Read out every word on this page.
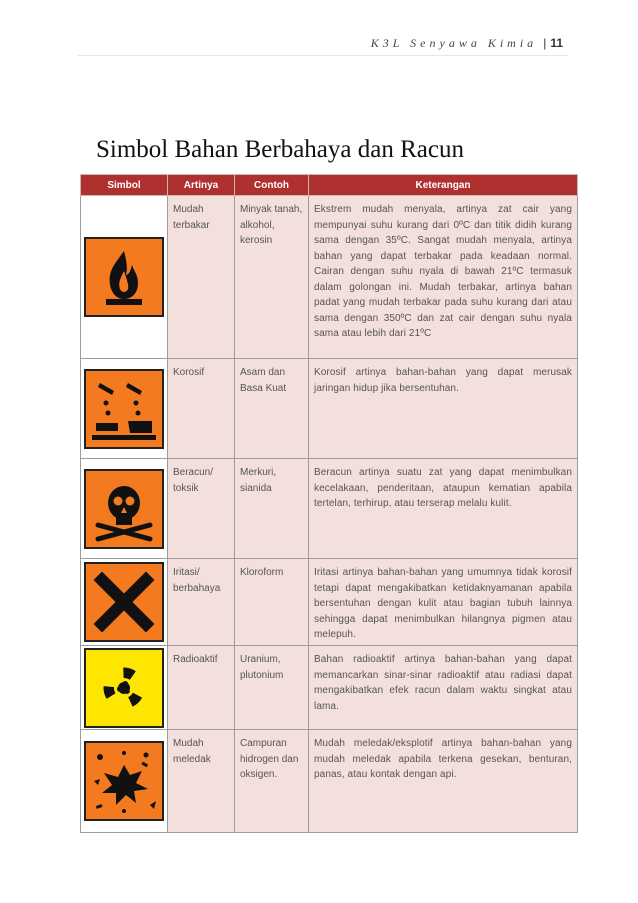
K3L Senyawa Kimia | 11
Simbol Bahan Berbahaya dan Racun
Simbol	Artinya	Contoh	Keterangan

	Mudah terbakar	Minyak tanah, alkohol, kerosin	Ekstrem mudah menyala, artinya zat cair yang mempunyai suhu kurang dari 0ºC dan titik didih kurang sama dengan 35ºC. Sangat mudah menyala, artinya bahan yang dapat terbakar pada keadaan normal. Cairan dengan suhu nyala di bawah 21ºC termasuk dalam golongan ini. Mudah terbakar, artinya bahan padat yang mudah terbakar pada suhu kurang dari atau sama dengan 350ºC dan zat cair dengan suhu nyala sama atau lebih dari 21ºC

	Korosif	Asam dan Basa Kuat	Korosif artinya bahan-bahan yang dapat merusak jaringan hidup jika bersentuhan.

	Beracun/ toksik	Merkuri, sianida	Beracun artinya suatu zat yang dapat menimbulkan kecelakaan, penderitaan, ataupun kematian apabila tertelan, terhirup, atau terserap melalu kulit.

	Iritasi/ berbahaya	Kloroform	Iritasi artinya bahan-bahan yang umumnya tidak korosif tetapi dapat mengakibatkan ketidaknyamanan apabila bersentuhan dengan kulit atau bagian tubuh lainnya sehingga dapat menimbulkan hilangnya pigmen atau melepuh.

	Radioaktif	Uranium, plutonium	Bahan radioaktif artinya bahan-bahan yang dapat memancarkan sinar-sinar radioaktif atau radiasi dapat mengakibatkan efek racun dalam waktu singkat atau lama.

	Mudah meledak	Campuran hidrogen dan oksigen.	Mudah meledak/eksplotif artinya bahan-bahan yang mudah meledak apabila terkena gesekan, benturan, panas, atau kontak dengan api.
